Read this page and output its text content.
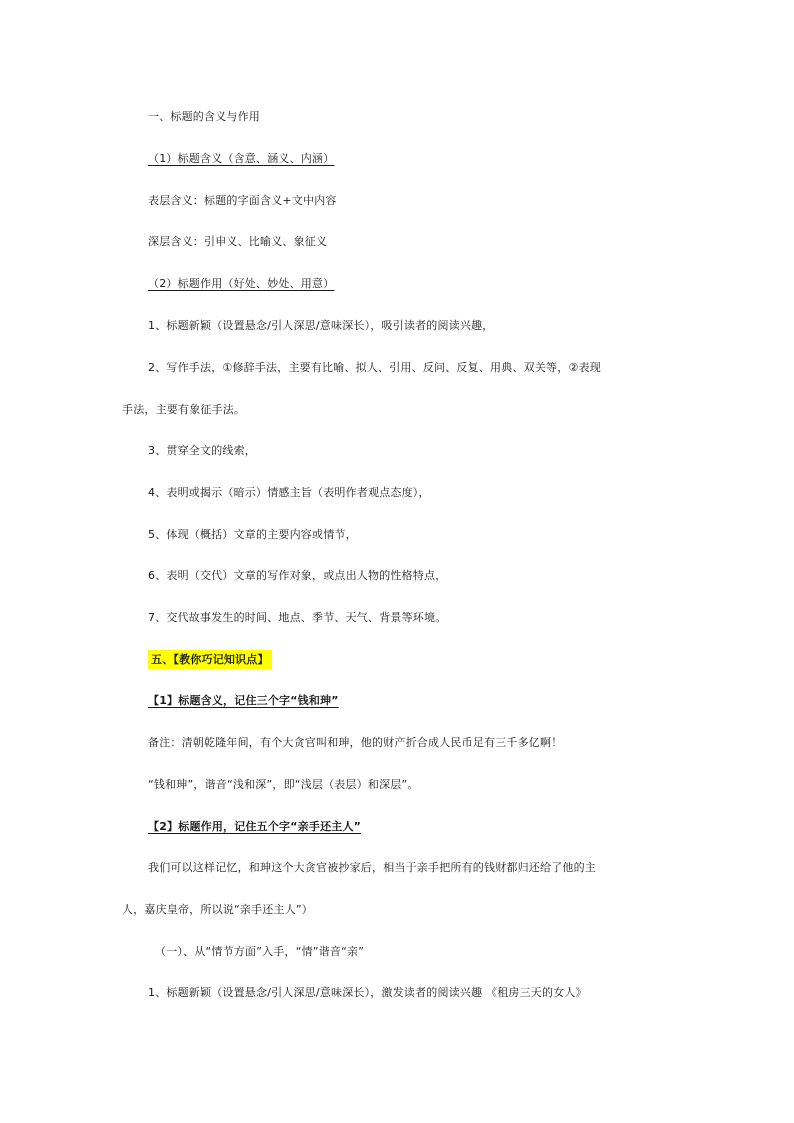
一、标题的含义与作用
（1）标题含义（含意、涵义、内涵）
表层含义：标题的字面含义+文中内容
深层含义：引申义、比喻义、象征义
（2）标题作用（好处、妙处、用意）
1、标题新颖（设置悬念/引人深思/意味深长），吸引读者的阅读兴趣，
2、写作手法，①修辞手法，主要有比喻、拟人、引用、反问、反复、用典、双关等，②表现
手法，主要有象征手法。
3、贯穿全文的线索，
4、表明或揭示（暗示）情感主旨（表明作者观点态度），
5、体现（概括）文章的主要内容或情节，
6、表明（交代）文章的写作对象，或点出人物的性格特点，
7、交代故事发生的时间、地点、季节、天气、背景等环境。
五、【教你巧记知识点】
【1】标题含义，记住三个字“钱和珅”
备注：清朝乾隆年间，有个大贪官叫和珅，他的财产折合成人民币足有三千多亿啊！
“钱和珅”，谐音“浅和深”，即“浅层（表层）和深层”。
【2】标题作用，记住五个字“亲手还主人”
我们可以这样记忆，和珅这个大贪官被抄家后，相当于亲手把所有的钱财都归还给了他的主
人，嘉庆皇帝，所以说“亲手还主人”）
（一）、从“情节方面”入手，“情”谐音“亲”
1、标题新颖（设置悬念/引人深思/意味深长），激发读者的阅读兴趣 《租房三天的女人》
